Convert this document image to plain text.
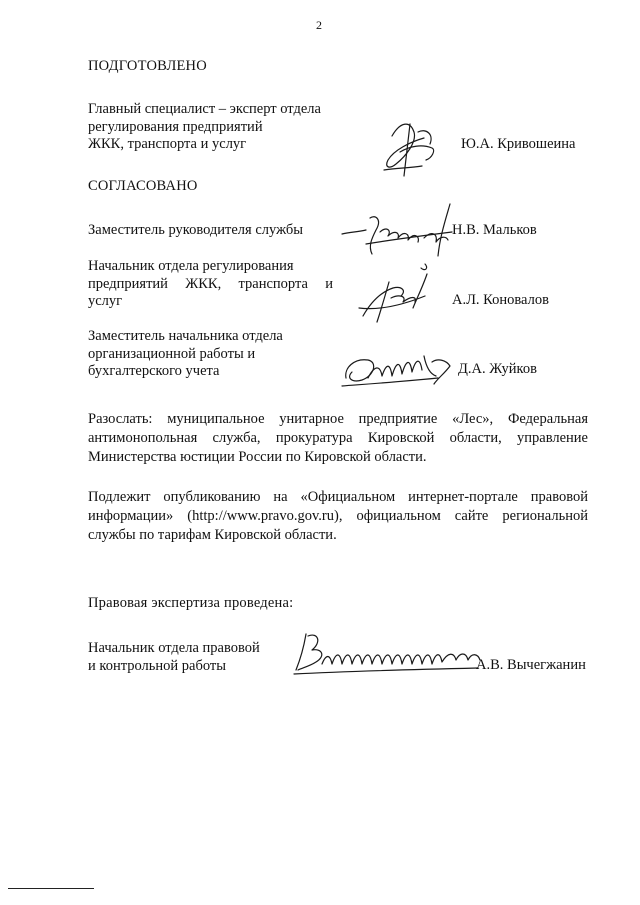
2
ПОДГОТОВЛЕНО
Главный специалист – эксперт отдела
регулирования предприятий
ЖКК, транспорта и услуг	Ю.А. Кривошеина
СОГЛАСОВАНО
Заместитель руководителя службы	Н.В. Мальков
Начальник отдела регулирования
предприятий ЖКК, транспорта и
услуг	А.Л. Коновалов
Заместитель начальника отдела
организационной работы и
бухгалтерского учета	Д.А. Жуйков
Разослать: муниципальное унитарное предприятие «Лес», Федеральная антимонопольная служба, прокуратура Кировской области, управление Министерства юстиции России по Кировской области.
Подлежит опубликованию на «Официальном интернет-портале правовой информации» (http://www.pravo.gov.ru), официальном сайте региональной службы по тарифам Кировской области.
Правовая экспертиза проведена:
Начальник отдела правовой
и контрольной работы	А.В. Вычегжанин
